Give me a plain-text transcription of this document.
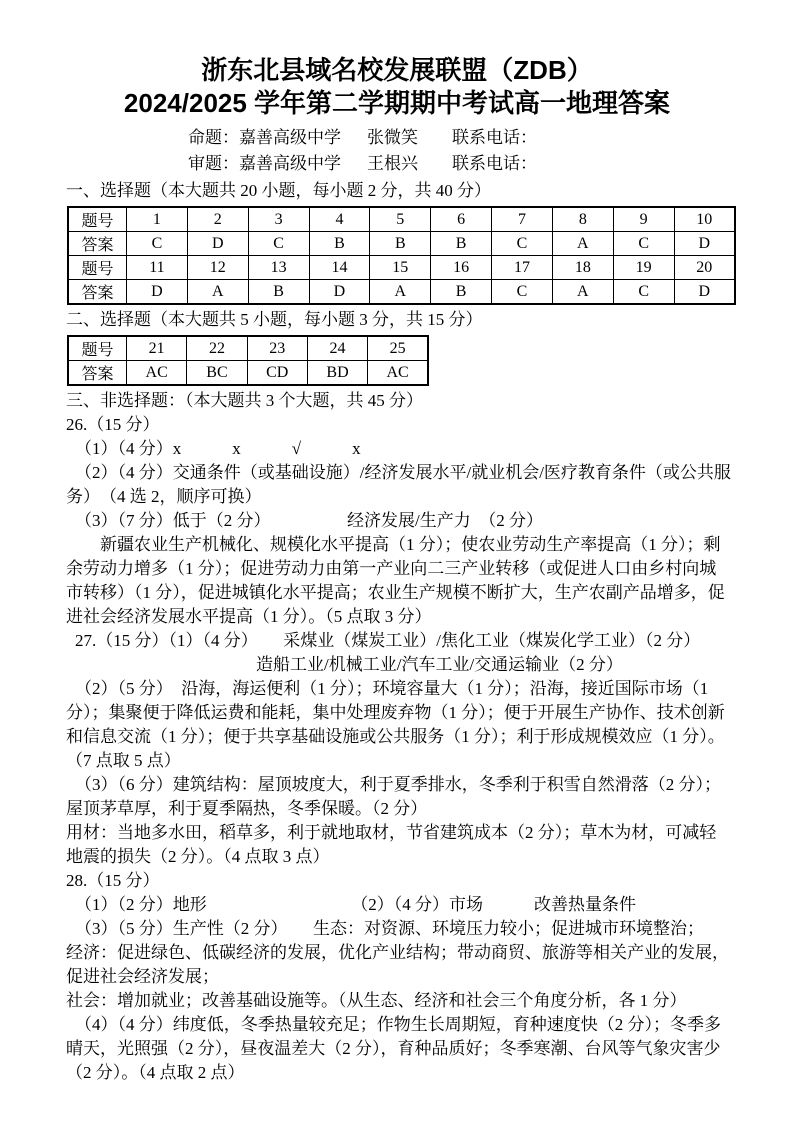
浙东北县域名校发展联盟（ZDB）
2024/2025 学年第二学期期中考试高一地理答案

命题：嘉善高级中学 张微笑 联系电话：

审题：嘉善高级中学 王根兴 联系电话：

一、选择题（本大题共 20 小题，每小题 2 分，共 40 分）
题号	1	2	3	4	5	6	7	8	9	10
答案	C	D	C	B	B	B	C	A	C	D
题号	11	12	13	14	15	16	17	18	19	20
答案	D	A	B	D	A	B	C	A	C	D
二、选择题（本大题共 5 小题，每小题 3 分，共 15 分）
题号	21	22	23	24	25
答案	AC	BC	CD	BD	AC
三、非选择题：（本大题共 3 个大题，共 45 分）

26.（15 分）

（1）（4 分）x　　　x　　　√　　　x

（2）（4 分）交通条件（或基础设施）/经济发展水平/就业机会/医疗教育条件（或公共服务）　（4 选 2，顺序可换）

（3）（7 分）低于（2 分）　　　　　经济发展/生产力　（2 分）

新疆农业生产机械化、规模化水平提高（1 分）；使农业劳动生产率提高（1 分）；剩余劳动力增多（1 分）；促进劳动力由第一产业向二三产业转移（或促进人口由乡村向城市转移）（1 分），促进城镇化水平提高；农业生产规模不断扩大，生产农副产品增多，促进社会经济发展水平提高（1 分）。（5 点取 3 分）

27.（15 分）（1）（4 分）　　采煤业（煤炭工业）/焦化工业（煤炭化学工业）（2 分）

造船工业/机械工业/汽车工业/交通运输业（2 分）

（2）（5 分）　沿海，海运便利（1 分）；环境容量大（1 分）；沿海，接近国际市场（1 分）；集聚便于降低运费和能耗，集中处理废弃物（1 分）；便于开展生产协作、技术创新和信息交流（1 分）；便于共享基础设施或公共服务（1 分）；利于形成规模效应（1 分）。（7 点取 5 点）

（3）（6 分）建筑结构：屋顶坡度大，利于夏季排水，冬季利于积雪自然滑落（2 分）；屋顶茅草厚，利于夏季隔热，冬季保暖。（2 分）

用材：当地多水田，稻草多，利于就地取材，节省建筑成本（2 分）；草木为材，可减轻地震的损失（2 分）。（4 点取 3 点）

28.（15 分）

（1）（2 分）地形　　　　　　　　　（2）（4 分）市场　　　改善热量条件

（3）（5 分）生产性（2 分）　　生态：对资源、环境压力较小；促进城市环境整治；

经济：促进绿色、低碳经济的发展，优化产业结构；带动商贸、旅游等相关产业的发展，促进社会经济发展；

社会：增加就业；改善基础设施等。（从生态、经济和社会三个角度分析，各 1 分）

（4）（4 分）纬度低，冬季热量较充足；作物生长周期短，育种速度快（2 分）；冬季多晴天，光照强（2 分），昼夜温差大（2 分），育种品质好；冬季寒潮、台风等气象灾害少（2 分）。（4 点取 2 点）
